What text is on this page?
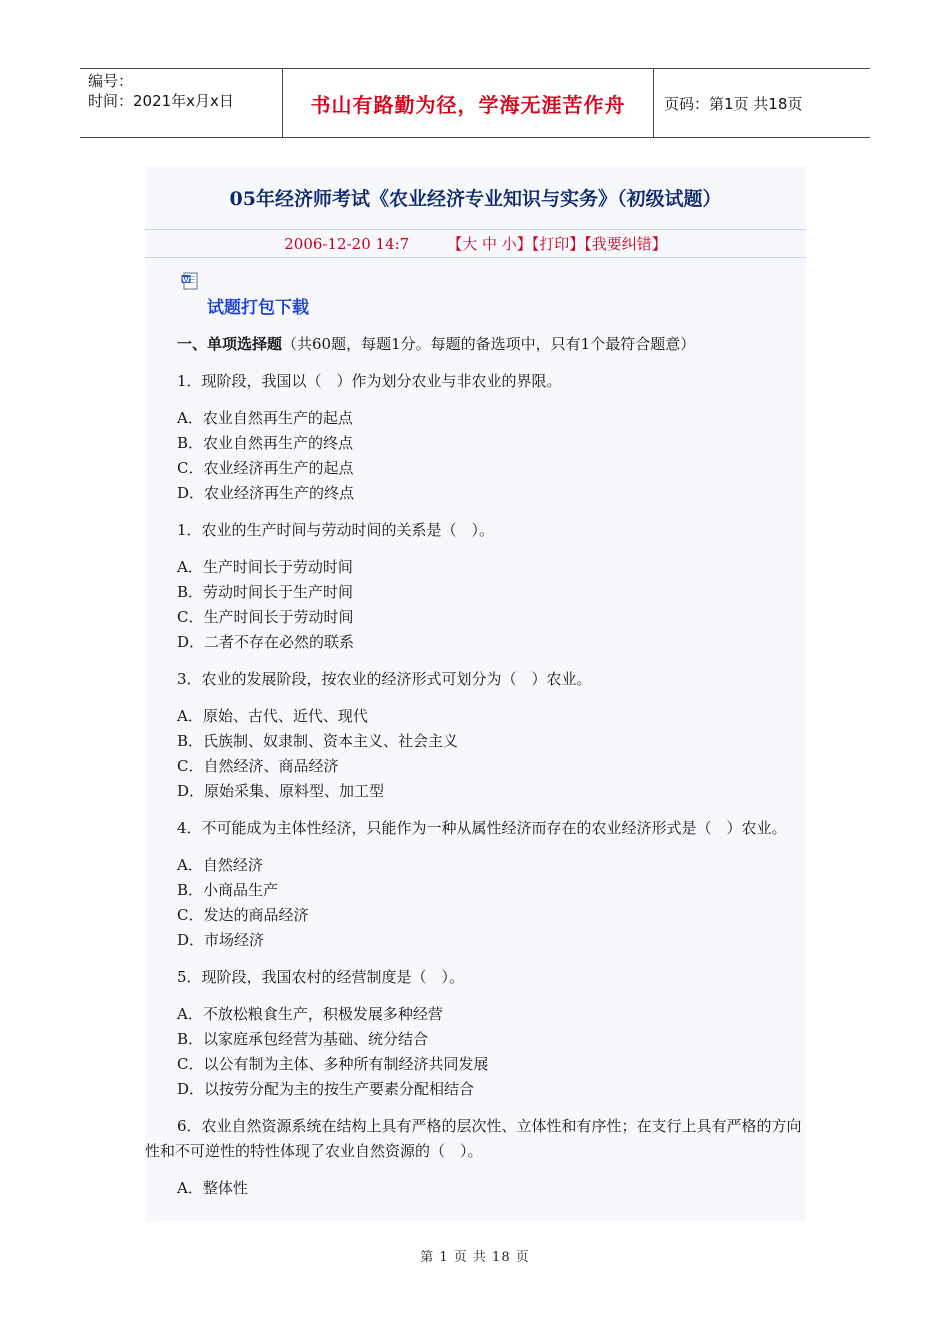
编号：
时间：2021年x月x日	书山有路勤为径，学海无涯苦作舟	页码：第1页 共18页
05年经济师考试《农业经济专业知识与实务》（初级试题）
2006-12-20 14:7	【大 中 小】【打印】【我要纠错】
W
试题打包下载

一、单项选择题（共60题，每题1分。每题的备选项中，只有1个最符合题意）

1．现阶段，我国以（　）作为划分农业与非农业的界限。

A．农业自然再生产的起点
B．农业自然再生产的终点
C．农业经济再生产的起点
D．农业经济再生产的终点

1．农业的生产时间与劳动时间的关系是（　）。

A．生产时间长于劳动时间
B．劳动时间长于生产时间
C．生产时间长于劳动时间
D．二者不存在必然的联系

3．农业的发展阶段，按农业的经济形式可划分为（　）农业。

A．原始、古代、近代、现代
B．氏族制、奴隶制、资本主义、社会主义
C．自然经济、商品经济
D．原始采集、原料型、加工型

4．不可能成为主体性经济，只能作为一种从属性经济而存在的农业经济形式是（　）农业。

A．自然经济
B．小商品生产
C．发达的商品经济
D．市场经济

5．现阶段，我国农村的经营制度是（　）。

A．不放松粮食生产，积极发展多种经营
B．以家庭承包经营为基础、统分结合
C．以公有制为主体、多种所有制经济共同发展
D．以按劳分配为主的按生产要素分配相结合

6．农业自然资源系统在结构上具有严格的层次性、立体性和有序性；在支行上具有严格的方向性和不可逆性的特性体现了农业自然资源的（　）。

A．整体性
第 1 页 共 18 页
